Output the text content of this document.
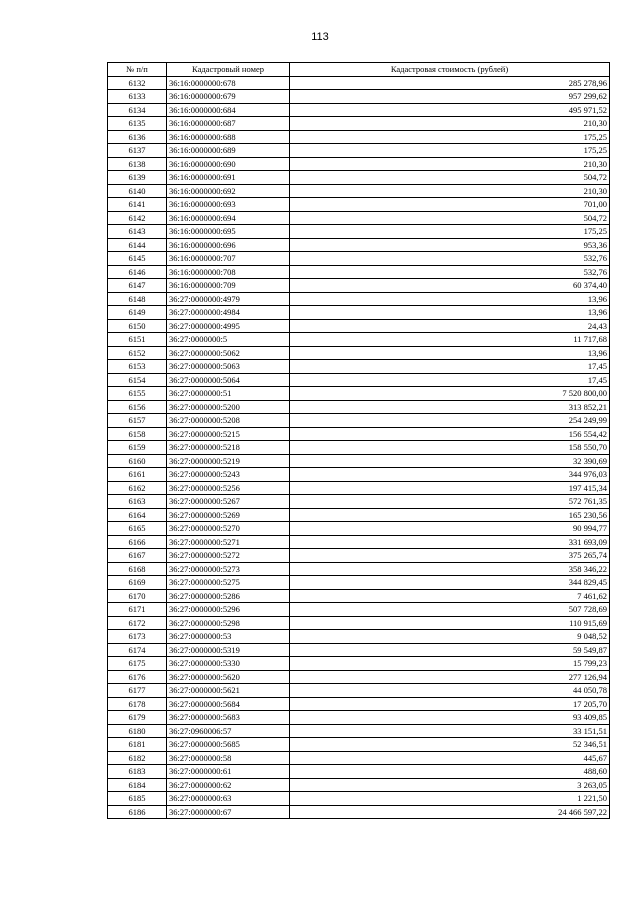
113
№ п/п	Кадастровый номер	Кадастровая стоимость (рублей)
6132	36:16:0000000:678	285 278,96
6133	36:16:0000000:679	957 299,62
6134	36:16:0000000:684	495 971,52
6135	36:16:0000000:687	210,30
6136	36:16:0000000:688	175,25
6137	36:16:0000000:689	175,25
6138	36:16:0000000:690	210,30
6139	36:16:0000000:691	504,72
6140	36:16:0000000:692	210,30
6141	36:16:0000000:693	701,00
6142	36:16:0000000:694	504,72
6143	36:16:0000000:695	175,25
6144	36:16:0000000:696	953,36
6145	36:16:0000000:707	532,76
6146	36:16:0000000:708	532,76
6147	36:16:0000000:709	60 374,40
6148	36:27:0000000:4979	13,96
6149	36:27:0000000:4984	13,96
6150	36:27:0000000:4995	24,43
6151	36:27:0000000:5	11 717,68
6152	36:27:0000000:5062	13,96
6153	36:27:0000000:5063	17,45
6154	36:27:0000000:5064	17,45
6155	36:27:0000000:51	7 520 800,00
6156	36:27:0000000:5200	313 852,21
6157	36:27:0000000:5208	254 249,99
6158	36:27:0000000:5215	156 554,42
6159	36:27:0000000:5218	158 550,70
6160	36:27:0000000:5219	32 390,69
6161	36:27:0000000:5243	344 976,03
6162	36:27:0000000:5256	197 415,34
6163	36:27:0000000:5267	572 761,35
6164	36:27:0000000:5269	165 230,56
6165	36:27:0000000:5270	90 994,77
6166	36:27:0000000:5271	331 693,09
6167	36:27:0000000:5272	375 265,74
6168	36:27:0000000:5273	358 346,22
6169	36:27:0000000:5275	344 829,45
6170	36:27:0000000:5286	7 461,62
6171	36:27:0000000:5296	507 728,69
6172	36:27:0000000:5298	110 915,69
6173	36:27:0000000:53	9 048,52
6174	36:27:0000000:5319	59 549,87
6175	36:27:0000000:5330	15 799,23
6176	36:27:0000000:5620	277 126,94
6177	36:27:0000000:5621	44 050,78
6178	36:27:0000000:5684	17 205,70
6179	36:27:0000000:5683	93 409,85
6180	36:27:0960006:57	33 151,51
6181	36:27:0000000:5685	52 346,51
6182	36:27:0000000:58	445,67
6183	36:27:0000000:61	488,60
6184	36:27:0000000:62	3 263,05
6185	36:27:0000000:63	1 221,50
6186	36:27:0000000:67	24 466 597,22
